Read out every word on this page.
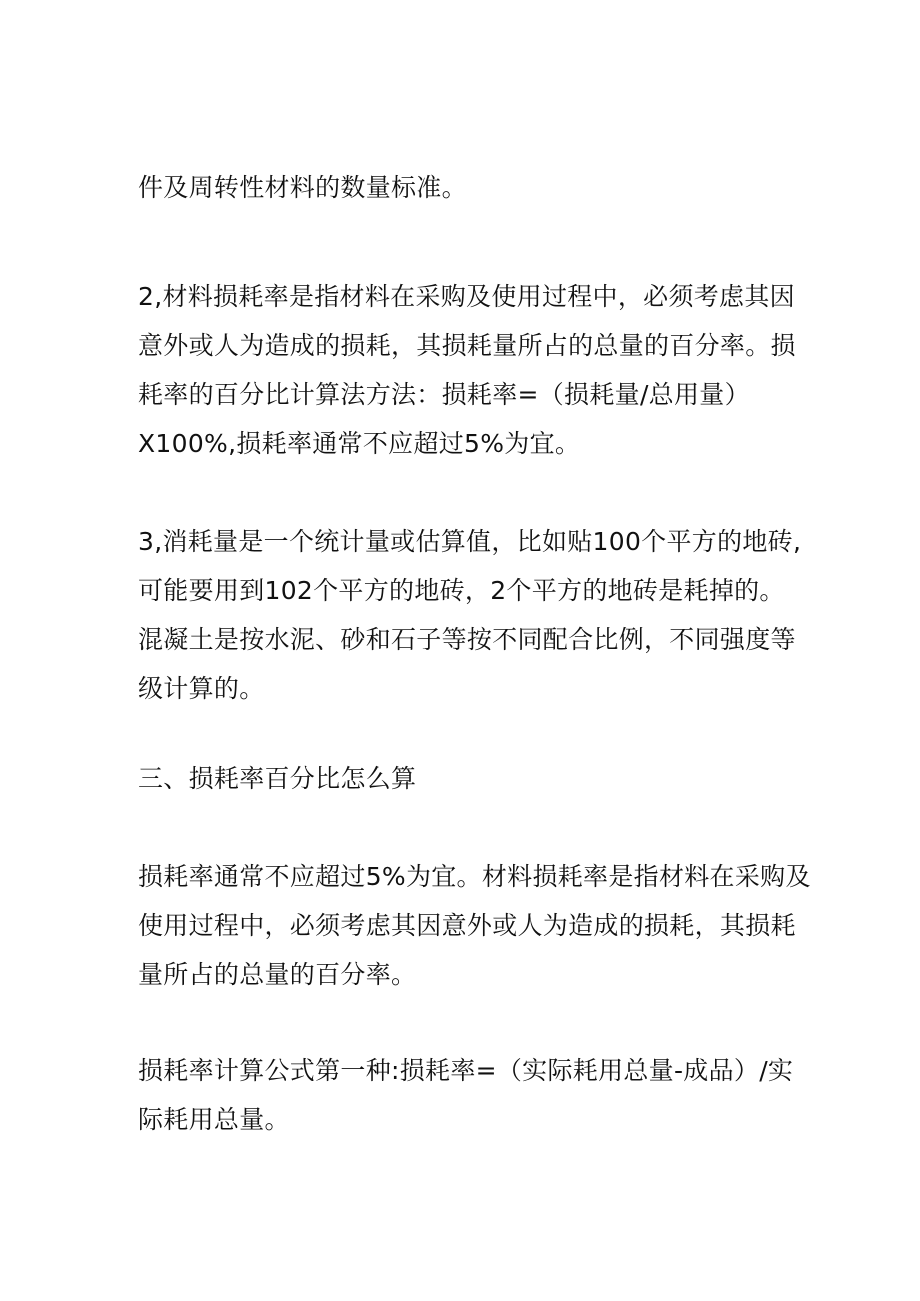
件及周转性材料的数量标准。
2,材料损耗率是指材料在采购及使用过程中，必须考虑其因
意外或人为造成的损耗，其损耗量所占的总量的百分率。损
耗率的百分比计算法方法：损耗率=（损耗量/总用量）
X100%,损耗率通常不应超过5%为宜。
3,消耗量是一个统计量或估算值，比如贴100个平方的地砖,
可能要用到102个平方的地砖，2个平方的地砖是耗掉的。
混凝土是按水泥、砂和石子等按不同配合比例，不同强度等
级计算的。
三、损耗率百分比怎么算
损耗率通常不应超过5%为宜。材料损耗率是指材料在采购及
使用过程中，必须考虑其因意外或人为造成的损耗，其损耗
量所占的总量的百分率。
损耗率计算公式第一种:损耗率=（实际耗用总量-成品）/实
际耗用总量。
